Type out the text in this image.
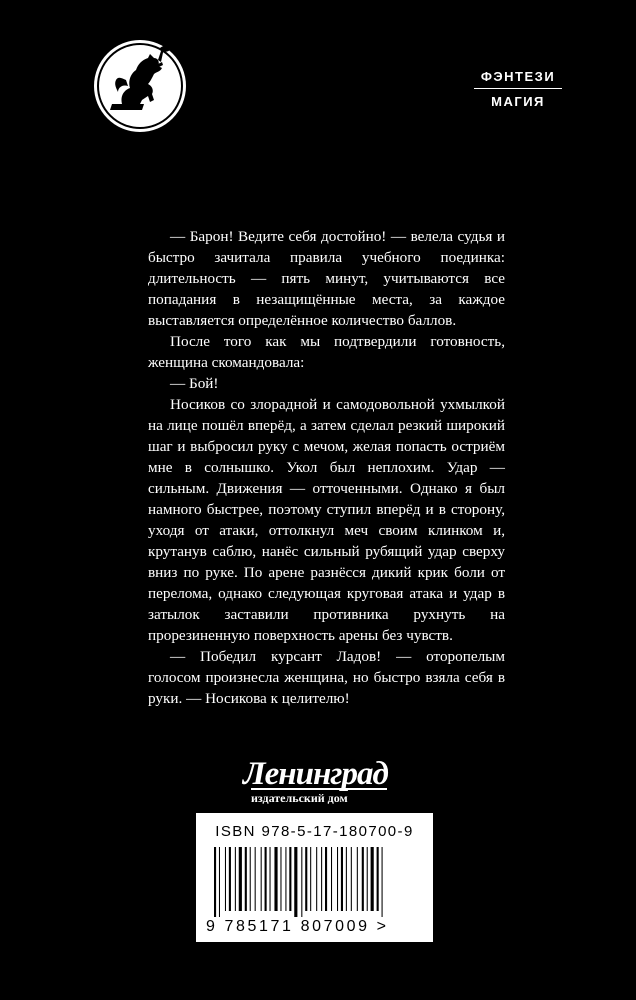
ФЭНТЕЗИ
МАГИЯ

— Барон! Ведите себя достойно! — велела судья и быстро зачитала правила учебного поединка: длительность — пять минут, учитываются все попадания в незащищённые места, за каждое выставляется определённое количество баллов.

После того как мы подтвердили готовность, женщина скомандовала:

— Бой!

Носиков со злорадной и самодовольной ухмылкой на лице пошёл вперёд, а затем сделал резкий широкий шаг и выбросил руку с мечом, желая попасть остриём мне в солнышко. Укол был неплохим. Удар — сильным. Движения — отточенными. Однако я был намного быстрее, поэтому ступил вперёд и в сторону, уходя от атаки, оттолкнул меч своим клинком и, крутанув саблю, нанёс сильный рубящий удар сверху вниз по руке. По арене разнёсся дикий крик боли от перелома, однако следующая круговая атака и удар в затылок заставили противника рухнуть на прорезиненную поверхность арены без чувств.

— Победил курсант Ладов! — оторопелым голосом произнесла женщина, но быстро взяла себя в руки. — Носикова к целителю!

Ленинград
издательский дом
ISBN 978-5-17-180700-9
9 785171 807009 >
